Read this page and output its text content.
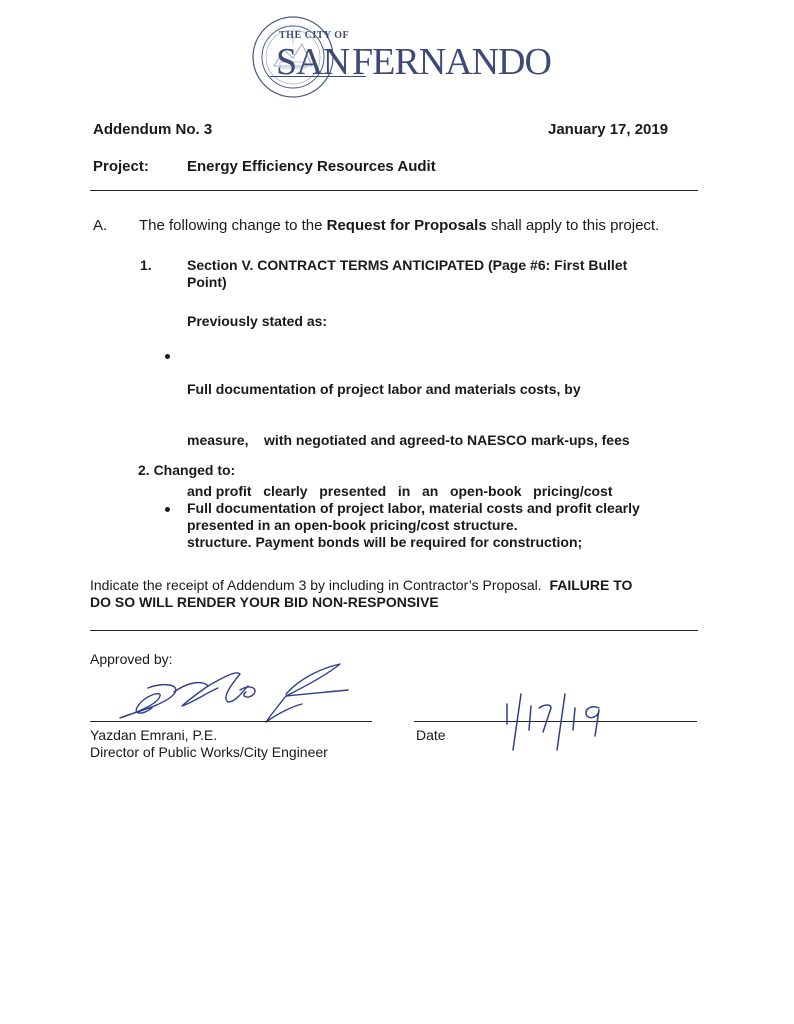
THE CITY OF
SAN FERNANDO
Addendum No. 3	January 17, 2019
Project:	Energy Efficiency Resources Audit
A. The following change to the Request for Proposals shall apply to this project.
1.	Section V. CONTRACT TERMS ANTICIPATED (Page #6: First Bullet
Point)
Previously stated as:

Full documentation of project labor and materials costs, by

measure,    with negotiated and agreed-to NAESCO mark-ups, fees

and profit   clearly   presented   in   an   open-book   pricing/cost

structure. Payment bonds will be required for construction;

2. Changed to:
Full documentation of project labor, material costs and profit clearly
presented in an open-book pricing/cost structure.
Indicate the receipt of Addendum 3 by including in Contractor’s Proposal.  FAILURE TO
DO SO WILL RENDER YOUR BID NON-RESPONSIVE
Approved by:
Yazdan Emrani, P.E.
Director of Public Works/City Engineer
Date
